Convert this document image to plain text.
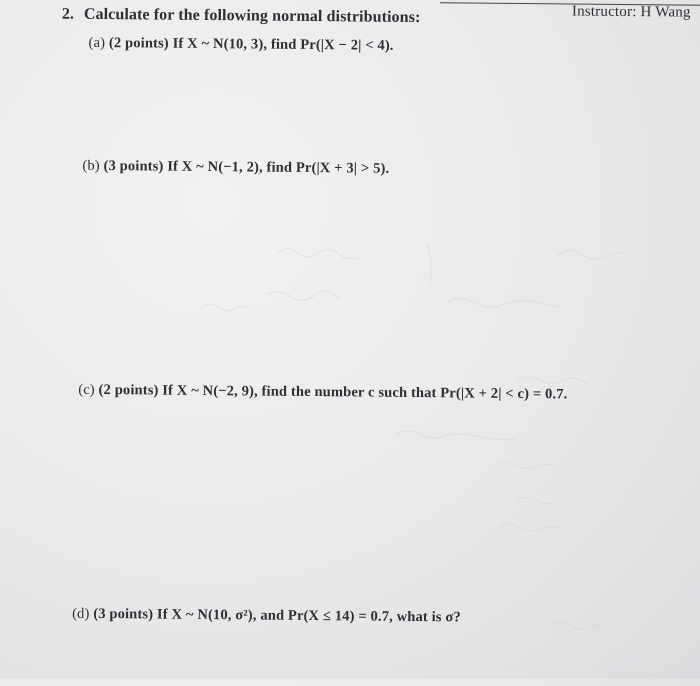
Instructor: H Wang
2. Calculate for the following normal distributions:
(a) (2 points) If X ~ N(10, 3), find Pr(|X − 2| < 4).
(b) (3 points) If X ~ N(−1, 2), find Pr(|X + 3| > 5).
(c) (2 points) If X ~ N(−2, 9), find the number c such that Pr(|X + 2| < c) = 0.7.
(d) (3 points) If X ~ N(10, σ²), and Pr(X ≤ 14) = 0.7, what is σ?
